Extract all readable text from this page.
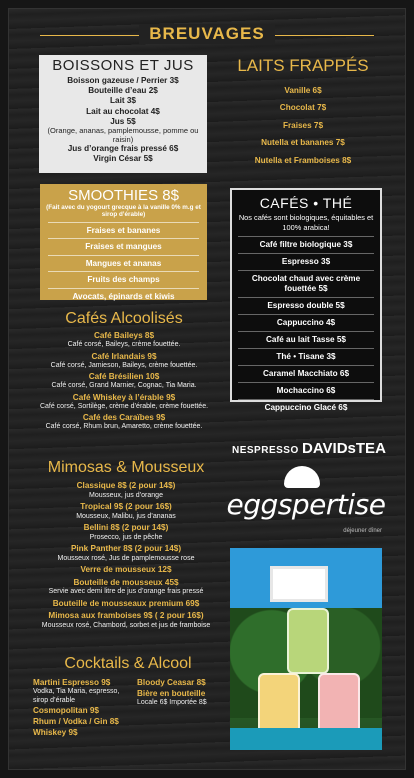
BREUVAGES
BOISSONS ET JUS
Boisson gazeuse / Perrier 3$
Bouteille d’eau 2$
Lait 3$
Lait au chocolat 4$
Jus 5$
(Orange, ananas, pamplemousse, pomme ou raisin)
Jus d’orange frais pressé 6$
Virgin César 5$
LAITS FRAPPÉS
Vanille 6$
Chocolat 7$
Fraises 7$
Nutella et bananes 7$
Nutella et Framboises 8$
SMOOTHIES 8$
(Fait avec du yogourt grecque à la vanille 0% m.g et sirop d’érable)
Fraises et bananes
Fraises et mangues
Mangues et ananas
Fruits des champs
Avocats, épinards et kiwis
CAFÉS • THÉ
Nos cafés sont biologiques, équitables et 100% arabica!
Café filtre biologique 3$
Espresso 3$
Chocolat chaud avec crème fouettée 5$
Espresso double 5$
Cappuccino 4$
Café au lait Tasse 5$
Thé • Tisane 3$
Caramel Macchiato 6$
Mochaccino 6$
Cappuccino Glacé 6$
Cafés Alcoolisés
Café Baileys 8$
Café corsé, Baileys, crème fouettée.
Café Irlandais 9$
Café corsé, Jamieson, Baileys, crème fouettée.
Café Brésilien 10$
Café corsé, Grand Marnier, Cognac, Tia Maria.
Café Whiskey à l’érable 9$
Café corsé, Sortilège, crème d’érable, crème fouettée.
Café des Caraïbes 9$
Café corsé, Rhum brun, Amaretto, crème fouettée.
NESPRESSO DAVIDsTEA
eggspertise
déjeuner dîner
Mimosas & Mousseux
Classique 8$ (2 pour 14$)
Mousseux, jus d’orange
Tropical 9$ (2 pour 16$)
Mousseux, Malibu, jus d’ananas
Bellini 8$ (2 pour 14$)
Prosecco, jus de pêche
Pink Panther 8$ (2 pour 14$)
Mousseux rosé, Jus de pamplemousse rose
Verre de mousseux 12$
Bouteille de mousseux 45$
Servie avec demi litre de jus d’orange frais pressé
Bouteille de mousseaux premium 69$
Mimosa aux framboises 9$ ( 2 pour 16$)
Mousseux rosé, Chambord, sorbet et jus de framboise
Cocktails & Alcool
Martini Espresso 9$
Vodka, Tia Maria, espresso, sirop d’érable
Cosmopolitan 9$
Rhum / Vodka / Gin 8$
Whiskey 9$
Bloody Ceasar 8$
Bière en bouteille
Locale 6$ Importée 8$
